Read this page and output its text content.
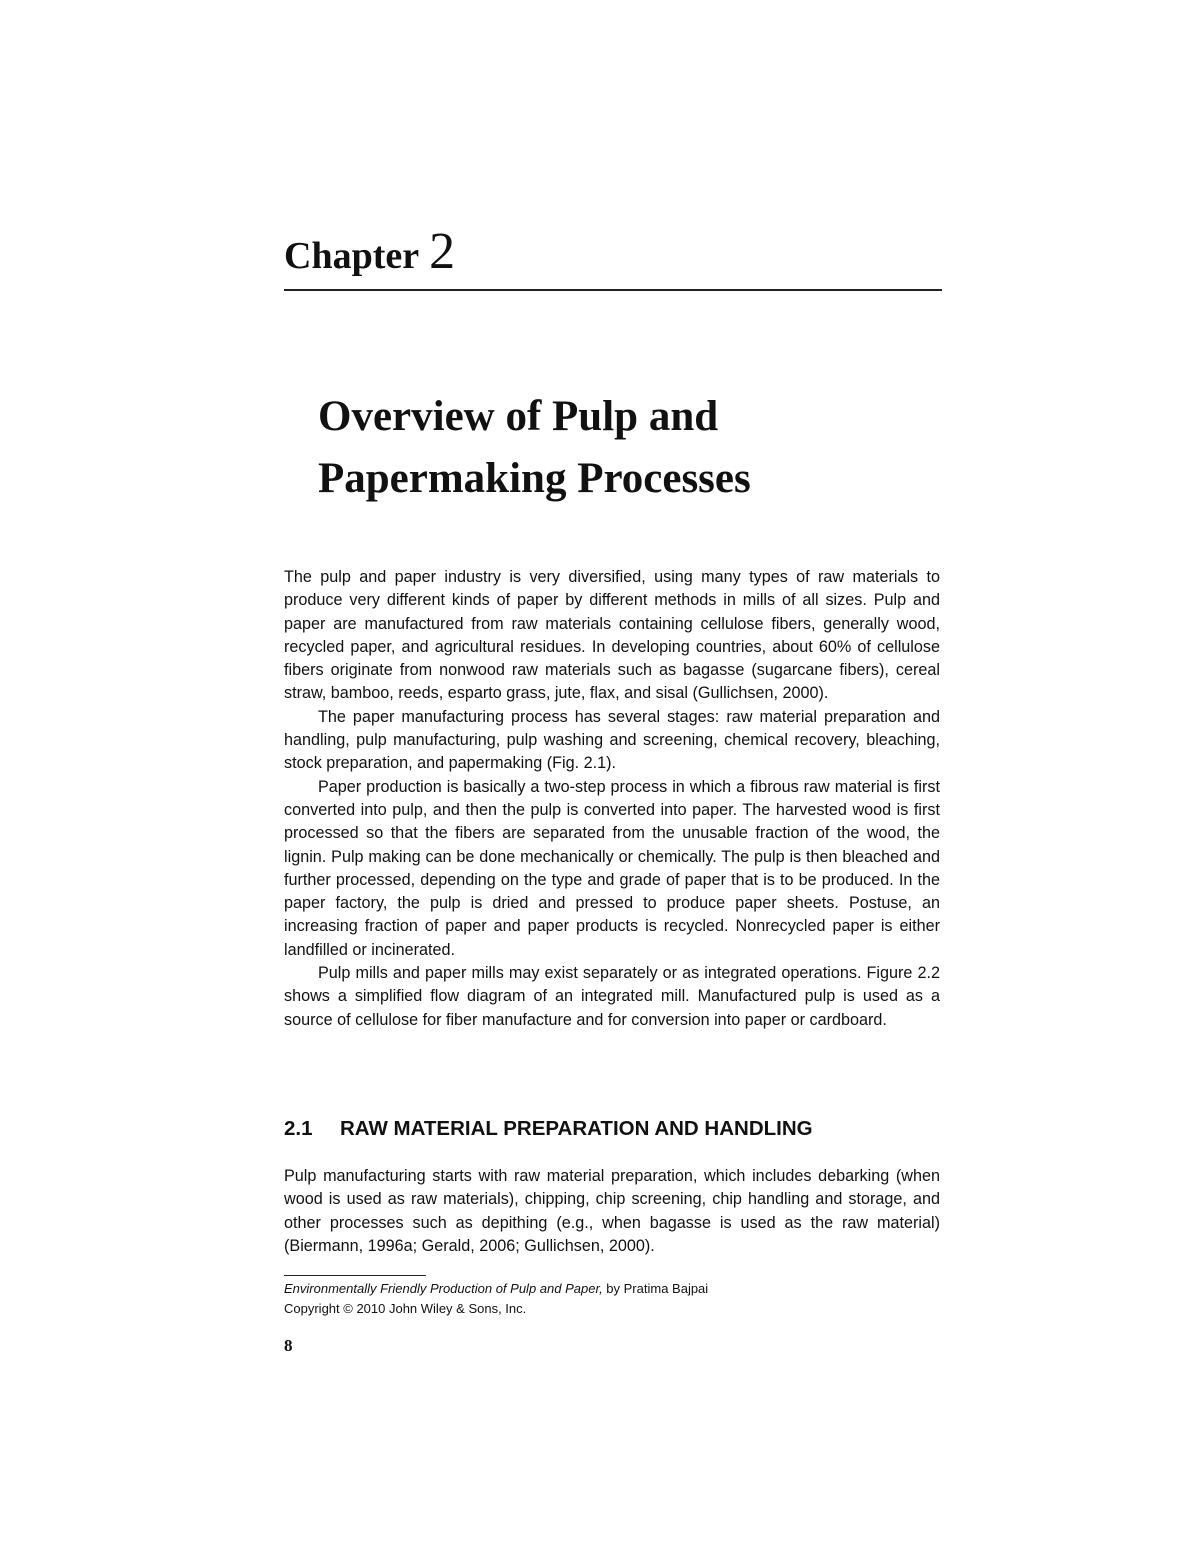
Chapter 2
Overview of Pulp and
Papermaking Processes

The pulp and paper industry is very diversified, using many types of raw materials to produce very different kinds of paper by different methods in mills of all sizes. Pulp and paper are manufactured from raw materials containing cellulose fibers, generally wood, recycled paper, and agricultural residues. In developing countries, about 60% of cellulose fibers originate from nonwood raw materials such as bagasse (sugarcane fibers), cereal straw, bamboo, reeds, esparto grass, jute, flax, and sisal (Gullichsen, 2000).

The paper manufacturing process has several stages: raw material preparation and handling, pulp manufacturing, pulp washing and screening, chemical recovery, bleaching, stock preparation, and papermaking (Fig. 2.1).

Paper production is basically a two-step process in which a fibrous raw material is first converted into pulp, and then the pulp is converted into paper. The harvested wood is first processed so that the fibers are separated from the unusable fraction of the wood, the lignin. Pulp making can be done mechanically or chemically. The pulp is then bleached and further processed, depending on the type and grade of paper that is to be produced. In the paper factory, the pulp is dried and pressed to produce paper sheets. Postuse, an increasing fraction of paper and paper products is recycled. Nonrecycled paper is either landfilled or incinerated.

Pulp mills and paper mills may exist separately or as integrated operations. Figure 2.2 shows a simplified flow diagram of an integrated mill. Manufactured pulp is used as a source of cellulose for fiber manufacture and for conversion into paper or cardboard.

2.1 RAW MATERIAL PREPARATION AND HANDLING

Pulp manufacturing starts with raw material preparation, which includes debarking (when wood is used as raw materials), chipping, chip screening, chip handling and storage, and other processes such as depithing (e.g., when bagasse is used as the raw material) (Biermann, 1996a; Gerald, 2006; Gullichsen, 2000).

Environmentally Friendly Production of Pulp and Paper, by Pratima Bajpai
Copyright © 2010 John Wiley & Sons, Inc.
8
